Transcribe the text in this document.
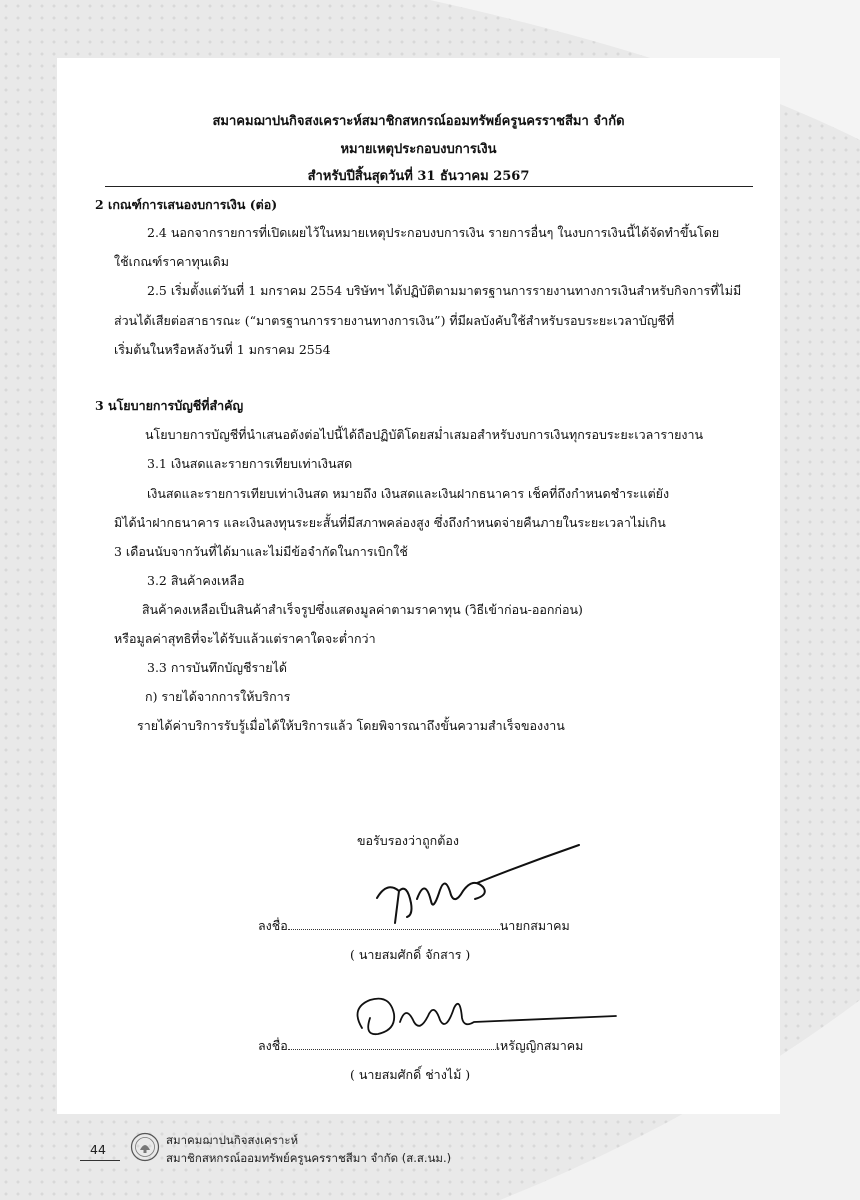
สมาคมฌาปนกิจสงเคราะห์สมาชิกสหกรณ์ออมทรัพย์ครูนครราชสีมา จำกัด
หมายเหตุประกอบงบการเงิน
สำหรับปีสิ้นสุดวันที่ 31 ธันวาคม 2567
2 เกณฑ์การเสนองบการเงิน (ต่อ)
2.4 นอกจากรายการที่เปิดเผยไว้ในหมายเหตุประกอบงบการเงิน รายการอื่นๆ ในงบการเงินนี้ได้จัดทำขึ้นโดย
ใช้เกณฑ์ราคาทุนเดิม
2.5 เริ่มตั้งแต่วันที่ 1 มกราคม 2554 บริษัทฯ ได้ปฏิบัติตามมาตรฐานการรายงานทางการเงินสำหรับกิจการที่ไม่มี
ส่วนได้เสียต่อสาธารณะ (“มาตรฐานการรายงานทางการเงิน”) ที่มีผลบังคับใช้สำหรับรอบระยะเวลาบัญชีที่
เริ่มต้นในหรือหลังวันที่ 1 มกราคม 2554
3 นโยบายการบัญชีที่สำคัญ
นโยบายการบัญชีที่นำเสนอดังต่อไปนี้ได้ถือปฏิบัติโดยสม่ำเสมอสำหรับงบการเงินทุกรอบระยะเวลารายงาน
3.1 เงินสดและรายการเทียบเท่าเงินสด
เงินสดและรายการเทียบเท่าเงินสด หมายถึง เงินสดและเงินฝากธนาคาร เช็คที่ถึงกำหนดชำระแต่ยัง
มิได้นำฝากธนาคาร และเงินลงทุนระยะสั้นที่มีสภาพคล่องสูง ซึ่งถึงกำหนดจ่ายคืนภายในระยะเวลาไม่เกิน
3 เดือนนับจากวันที่ได้มาและไม่มีข้อจำกัดในการเบิกใช้
3.2 สินค้าคงเหลือ
สินค้าคงเหลือเป็นสินค้าสำเร็จรูปซึ่งแสดงมูลค่าตามราคาทุน (วิธีเข้าก่อน-ออกก่อน)
หรือมูลค่าสุทธิที่จะได้รับแล้วแต่ราคาใดจะต่ำกว่า
3.3 การบันทึกบัญชีรายได้
ก) รายได้จากการให้บริการ
รายได้ค่าบริการรับรู้เมื่อได้ให้บริการแล้ว โดยพิจารณาถึงขั้นความสำเร็จของงาน
ขอรับรองว่าถูกต้อง
ลงชื่อ	นายกสมาคม
( นายสมศักดิ์ จักสาร )
ลงชื่อ	เหรัญญิกสมาคม
( นายสมศักดิ์ ช่างไม้ )
44
สมาคมฌาปนกิจสงเคราะห์
สมาชิกสหกรณ์ออมทรัพย์ครูนครราชสีมา จำกัด (ส.ส.นม.)
